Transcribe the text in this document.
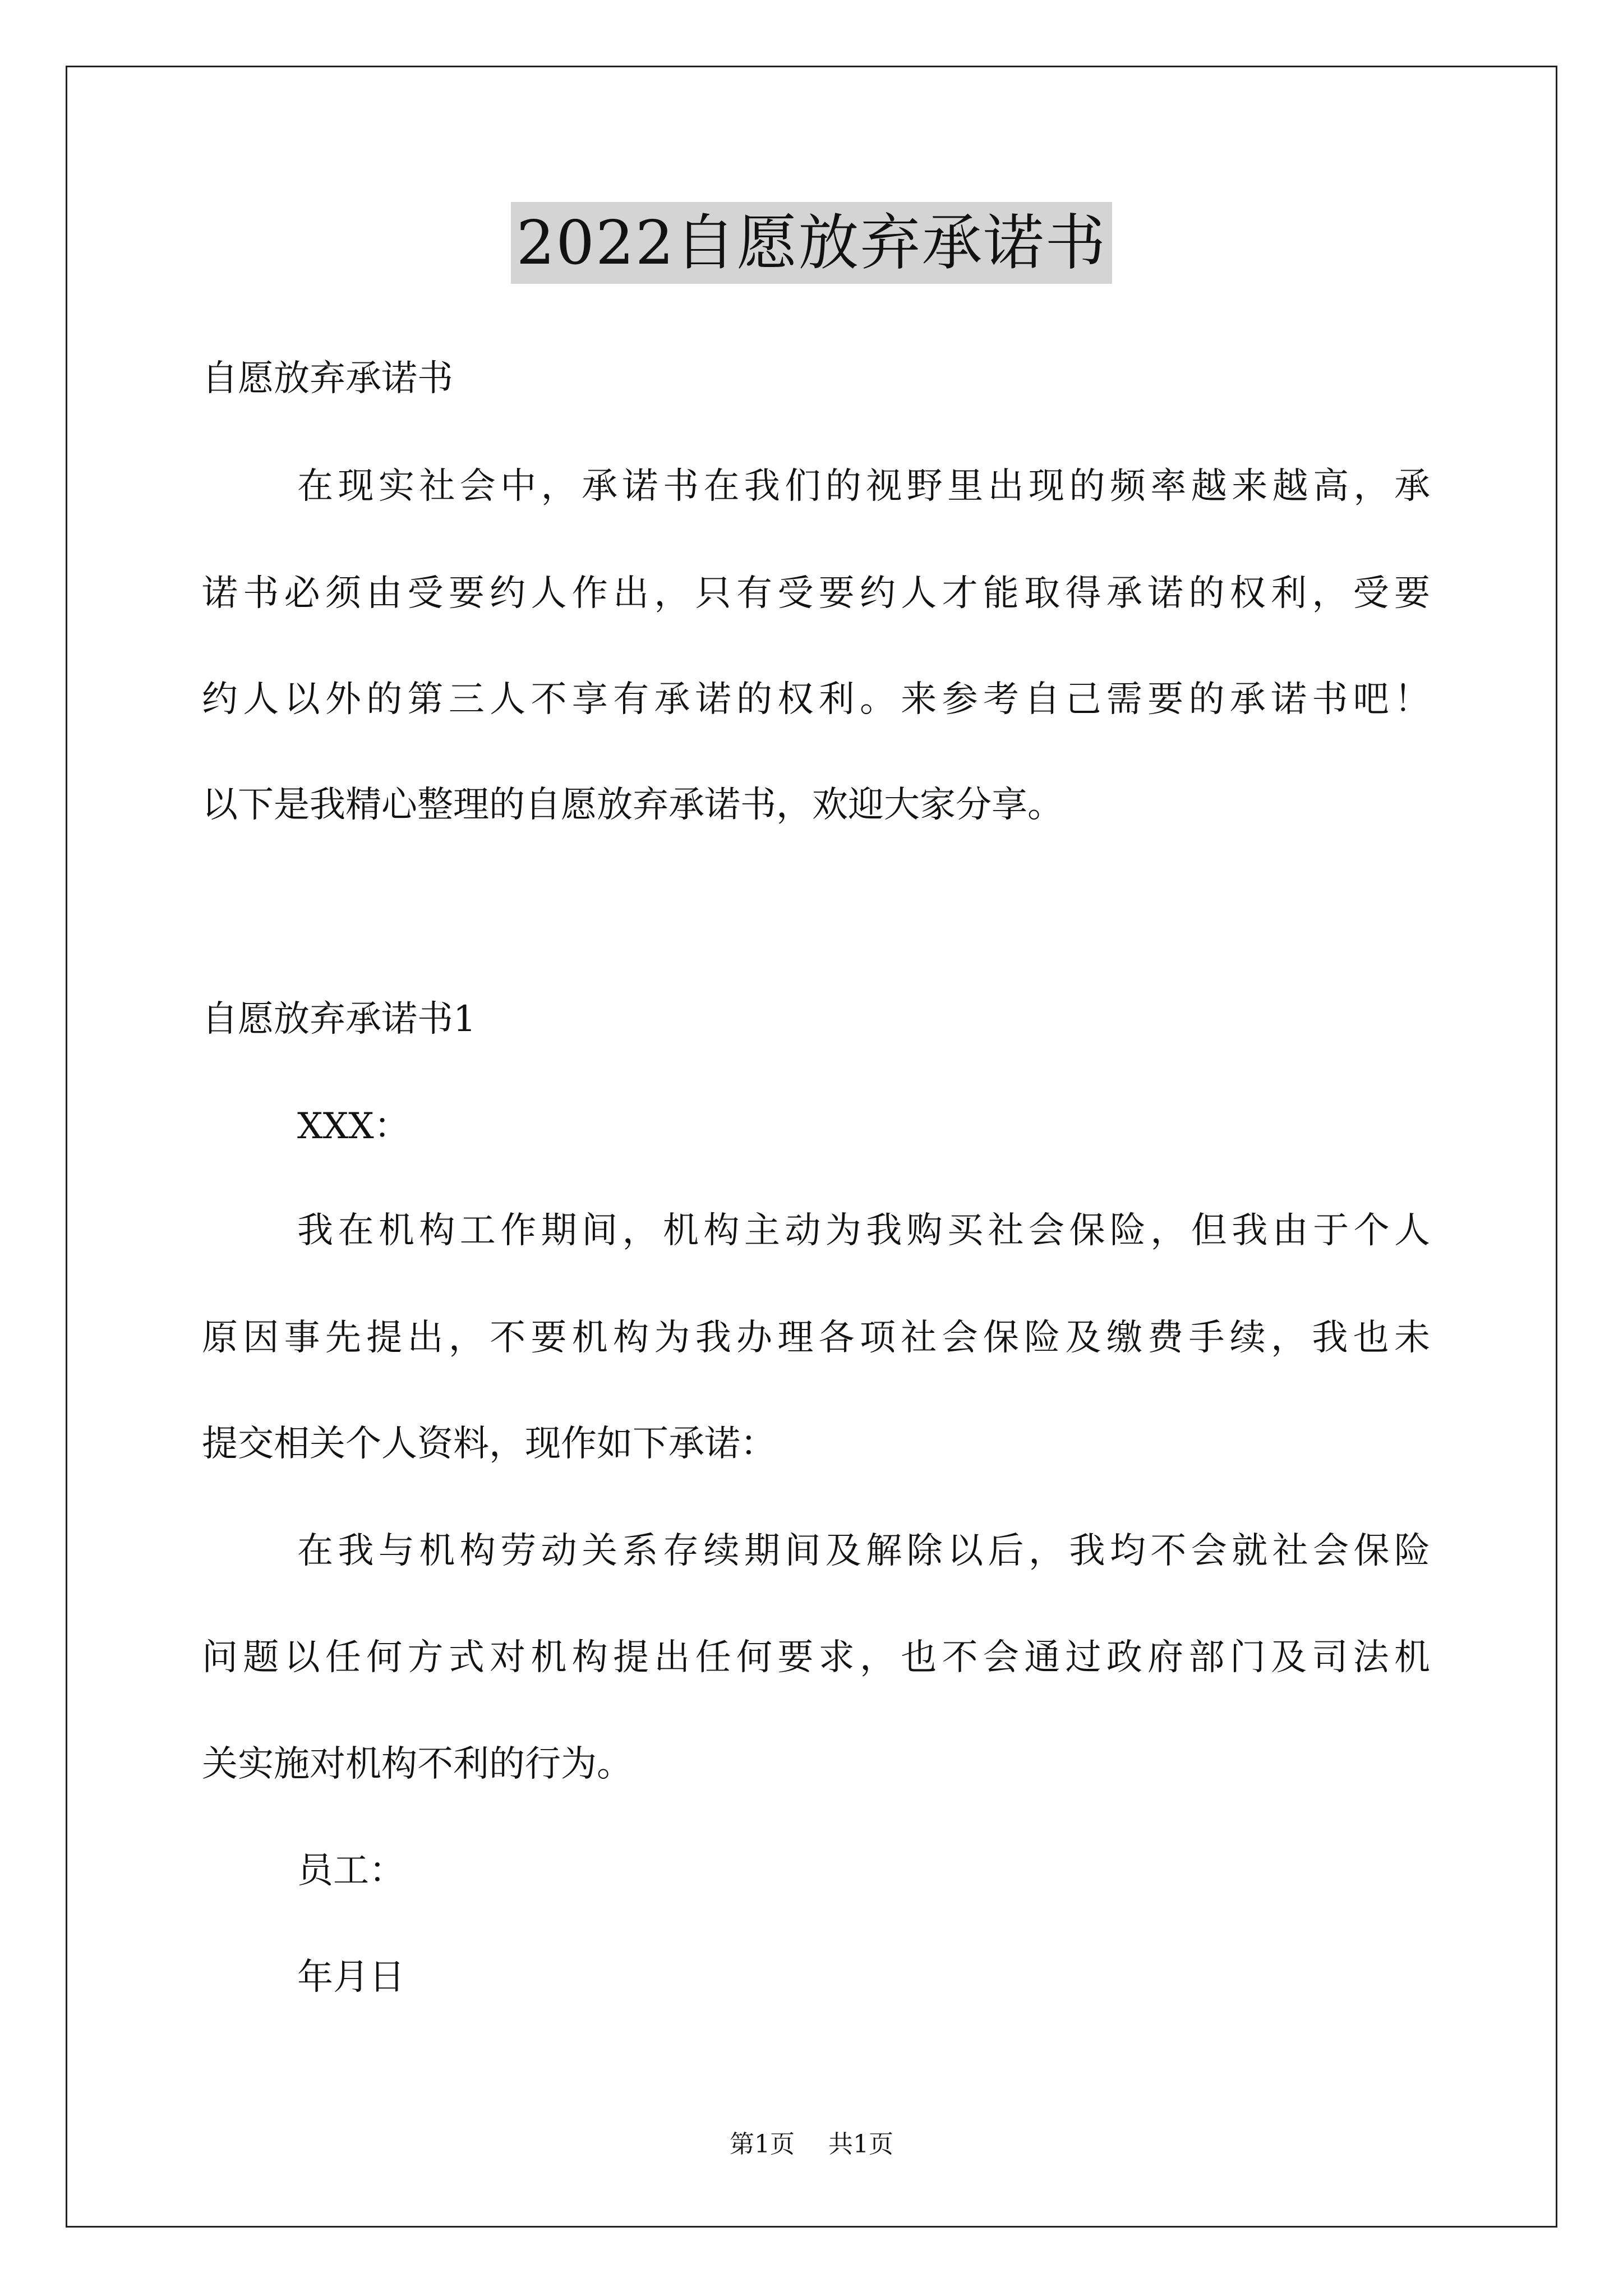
2022自愿放弃承诺书
自愿放弃承诺书
在现实社会中，承诺书在我们的视野里出现的频率越来越高，承
诺书必须由受要约人作出，只有受要约人才能取得承诺的权利，受要
约人以外的第三人不享有承诺的权利。来参考自己需要的承诺书吧！
以下是我精心整理的自愿放弃承诺书，欢迎大家分享。
自愿放弃承诺书1
XXX：
我在机构工作期间，机构主动为我购买社会保险，但我由于个人
原因事先提出，不要机构为我办理各项社会保险及缴费手续，我也未
提交相关个人资料，现作如下承诺：
在我与机构劳动关系存续期间及解除以后，我均不会就社会保险
问题以任何方式对机构提出任何要求，也不会通过政府部门及司法机
关实施对机构不利的行为。
员工：
年月日
第1页 共1页
